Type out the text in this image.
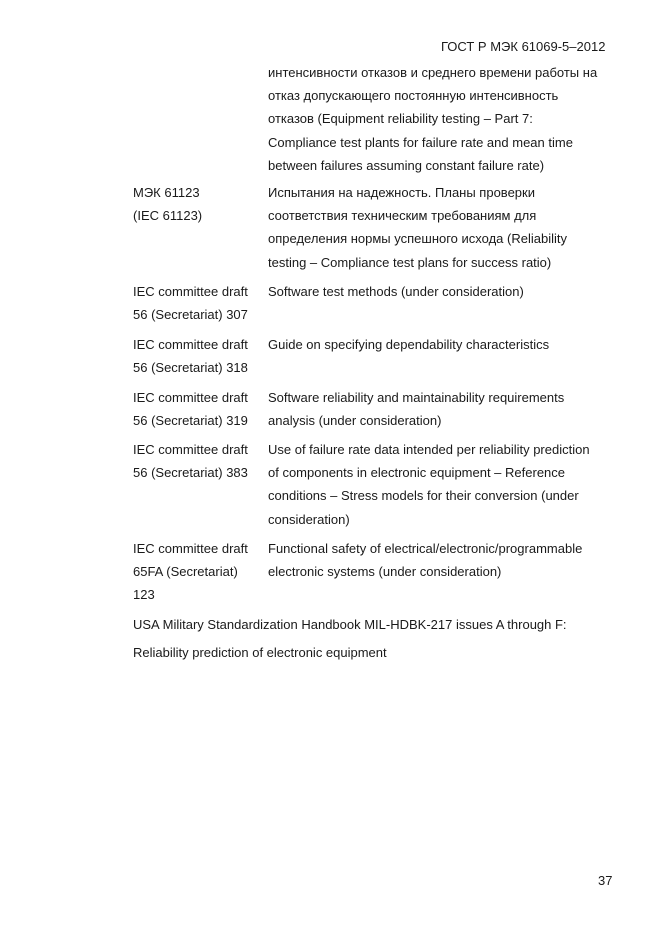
ГОСТ Р МЭК 61069-5–2012
интенсивности отказов и среднего времени работы на
отказ допускающего постоянную интенсивность
отказов (Equipment reliability testing – Part 7:
Compliance test plants for failure rate and mean time
between failures assuming constant failure rate)
МЭК 61123
(IEC 61123)
Испытания на надежность. Планы проверки
соответствия техническим требованиям для
определения нормы успешного исхода (Reliability
testing – Compliance test plans for success ratio)
IEC committee draft
56 (Secretariat) 307
Software test methods (under consideration)
IEC committee draft
56 (Secretariat) 318
Guide on specifying dependability characteristics
IEC committee draft
56 (Secretariat) 319
Software reliability and maintainability requirements
analysis (under consideration)
IEC committee draft
56 (Secretariat) 383
Use of failure rate data intended per reliability prediction
of components in electronic equipment – Reference
conditions – Stress models for their conversion (under
consideration)
IEC committee draft
65FA (Secretariat)
123
Functional safety of electrical/electronic/programmable
electronic systems (under consideration)
USA Military Standardization Handbook MIL-HDBK-217 issues A through F:
Reliability prediction of electronic equipment
37
